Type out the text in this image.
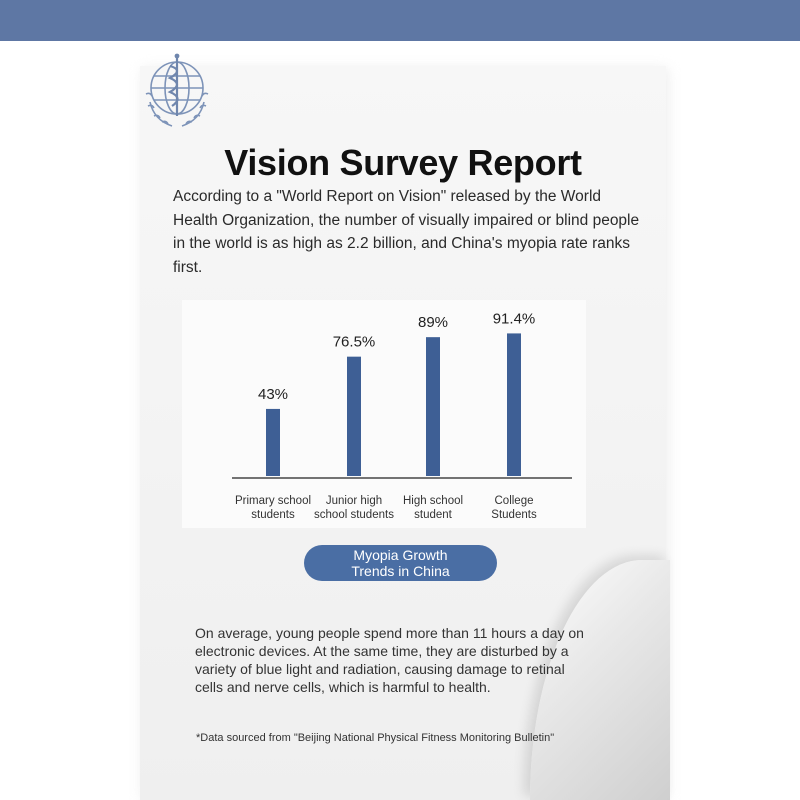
Vision Survey Report

According to a "World Report on Vision" released by the World Health Organization, the number of visually impaired or blind people in the world is as high as 2.2 billion, and China's myopia rate ranks first.

43%
Primary school
students
76.5%
Junior high
school students
89%
High school
student
91.4%
College
Students
Myopia Growth
Trends in China

On average, young people spend more than 11 hours a day on electronic devices. At the same time, they are disturbed by a variety of blue light and radiation, causing damage to retinal cells and nerve cells, which is harmful to health.

*Data sourced from "Beijing National Physical Fitness Monitoring Bulletin"
